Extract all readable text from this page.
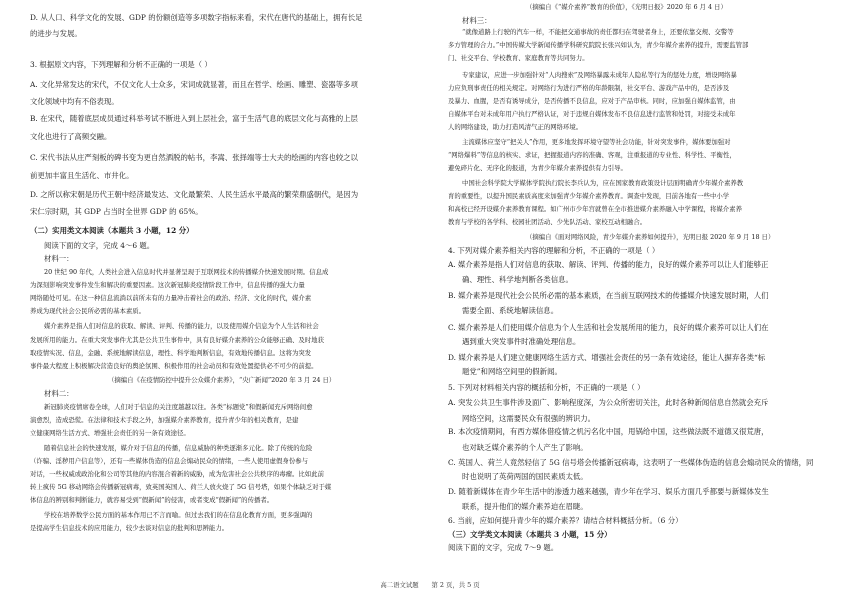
D. 从人口、科学文化的发展、GDP 的份额创造等多项数字指标来看，宋代在唐代的基础上，拥有长足
的进步与发展。
3. 根据原文内容，下列理解和分析不正确的一项是（ ）
A. 文化异常发达的宋代，不仅文化人士众多，宋词成就显著，而且在哲学、绘画、雕塑、瓷器等多项
文化领域中均有不俗表现。
B. 在宋代，随着底层成员通过科举考试不断进入到上层社会，富于生活气息的底层文化与高雅的上层
文化也进行了高频交融。
C. 宋代书法从庄严刻板的碑书变为更自然洒脱的帖书，李嵩、张择端等士大夫的绘画的内容也较之以
前更加丰富且生活化、市井化。
D. 之所以称宋朝是历代王朝中经济最发达、文化最繁荣、人民生活水平最高的繁荣鼎盛朝代，是因为
宋仁宗时期，其 GDP 占当时全世界 GDP 的 65%。
（二）实用类文本阅读（本题共 3 小题，12 分）
阅读下面的文字，完成 4～6 题。
材料一：
20 世纪 90 年代，人类社会进入信息时代并显著呈现于互联网技术的传播媒介快速发展时期。信息成
为深刻影响突发事件发生和解决的重要因素。这次新冠肺炎疫情阶段工作中，信息传播的强大力量
网络随处可见。在这一种信息流淌以前所未有的力量冲击着社会的政治、经济、文化的时代，媒介素
养成为现代社会公民所必需的基本素质。
媒介素养是指人们对信息的获取、解读、评判、传播的能力，以及使用媒介信息为个人生活和社会
发展所用的能力。在重大突发事件尤其是公共卫生事件中，具有良好媒介素养的公众能够正确、及时地获
取疫情实况、信息，金融、系统地解读信息，理性、科学地判断信息，有效地传播信息。这将为突发
事件最大程度上积极解决营造良好的舆论氛围、积极作用的社会动员和有效处置提供必不可少的前提。
（摘编自《在疫情防控中提升公众媒介素养》，“央广新闻”2020 年 3 月 24 日）
材料二：
新冠肺炎疫情席卷全球，人们对于信息的关注度越越以往。各类“标题党”和假新闻充斥网络间愈
演愈烈，造成恐慌。在法律和技术手段之外，加强媒介素养教育，提升青少年的相关教育，是建
立健康网络生活方式、增强社会责任的另一条有效途径。
随着信息社会的快速发展，媒介对于信息的传播，信息威胁的种类逐渐多元化。除了传统的危险
（诈骗、淫秽用户信息等），还有一些媒体伪造的信息会煽动民众的情绪，一些人使用虚假身份参与
对话，一些权威或政治化和公司等其他的内容混合着新的威胁，成为危害社会公共秩序的毒瘤。比如此前
转上疯传 5G 移动网络会传播新冠病毒，致英国英国人、荷兰人放火烧了 5G 信号塔，如果个体缺乏对于媒
体信息的辨别和判断能力，就容易受到“假新闻”的侵害，或者变成“假新闻”的传播者。
学校在培养数学公民方面的基本作用已不言而喻。但过去我们的在信息化教育方面，更多强调的
是提高学生信息技术的应用能力，较少去谈对信息的批判和思辨能力。
（摘编自《“媒介素养”教育的价值》，《光明日报》2020 年 6 月 4 日）
材料三：
“就像道路上行驶的汽车一样，不能把交通事故的责任都归在驾驶者身上，还要依靠交规、交警等
多方管理的合力。”中国传媒大学新闻传播学科研究院院长张兴如认为，青少年媒介素养的提升，需要监管部
门、社交平台、学校教育、家庭教育等共同努力。
专家建议，应进一步加强针对“人肉搜索”及网络暴露未成年人隐私等行为的惩处力度，增设网络暴
力应负刑事责任的相关规定。对网络行为进行严格的年龄限制，社交平台、游戏产品中的，是否涉及
及暴力、血腥，是否有诱导成分，是否传播不良信息，应对于产品审核。同时，应加强自媒体监管，由
自媒体平台对未成年用户执行严格认证，对于违规自媒体发布不良信息进行监管和处罚，对接受未成年
人的网络建设，助力打造风清气正的网络环境。
主流媒体应坚守“把关人”作用，更多地发挥环境守望等社会功能，针对突发事件，媒体要加强对
“网络爆料”等信息的核实、求证，把握报道内容的准确、客观，注重报道的专业性、科学性、平衡性，
避免碎片化、无序化的报道，为青少年媒介素养提供有力引导。
中国社会科学院大学媒体学院执行院长李兵认为，应在国家教育政策设计层面明确青少年媒介素养教
育的重要性，以提升国民素质高度来加强青少年媒介素养教育。调查中发现，目前各地有一些中小学
和高校已经开设媒介素养教育课程。如广州市少年宫就曾在全市推进媒介素养融入中学课程，将媒介素养
教育与学校的各学科、校园社团活动、少先队活动、家校互动相融合。
（摘编自《面对网络风险，青少年媒介素养如何提升》，光明日报 2020 年 9 月 18 日）
4. 下列对媒介素养相关内容的理解和分析，不正确的一项是（ ）
A. 媒介素养是指人们对信息的获取、解读、评判、传播的能力，良好的媒介素养可以让人们能够正
确、理性、科学地判断各类信息。
B. 媒介素养是现代社会公民所必需的基本素质，在当前互联网技术的传播媒介快速发展时期，人们
需要全面、系统地解读信息。
C. 媒介素养是人们使用媒介信息为个人生活和社会发展所用的能力，良好的媒介素养可以让人们在
遇到重大突发事件时准确处理信息。
D. 媒介素养是人们建立健康网络生活方式、增强社会责任的另一条有效途径，能让人摒弃各类“标
题党”和网络空间里的假新闻。
5. 下列对材料相关内容的概括和分析，不正确的一项是（ ）
A. 突发公共卫生事件涉及面广、影响程度深，为公众所密切关注，此时各种新闻信息自然就会充斥
网络空间，这需要民众有很强的辨识力。
B. 本次疫情期间，有西方媒体借疫情之机污名化中国，甩锅给中国，这些做法既不道德又很荒唐，
也对缺乏媒介素养的个人产生了影响。
C. 英国人、荷兰人竟然轻信了 5G 信号塔会传播新冠病毒，这表明了一些媒体伪造的信息会煽动民众的情绪，同
时也说明了英荷两国的国民素质太低。
D. 随着新媒体在青少年生活中的渗透力越来越强，青少年在学习、娱乐方面几乎都要与新媒体发生
联系，提升他们的媒介素养迫在眉睫。
6. 当前，应如何提升青少年的媒介素养？请结合材料概括分析。（6 分）
（三）文学类文本阅读（本题共 3 小题，15 分）
阅读下面的文字，完成 7～9 题。
高二语文试题　　第 2 页，共 5 页
